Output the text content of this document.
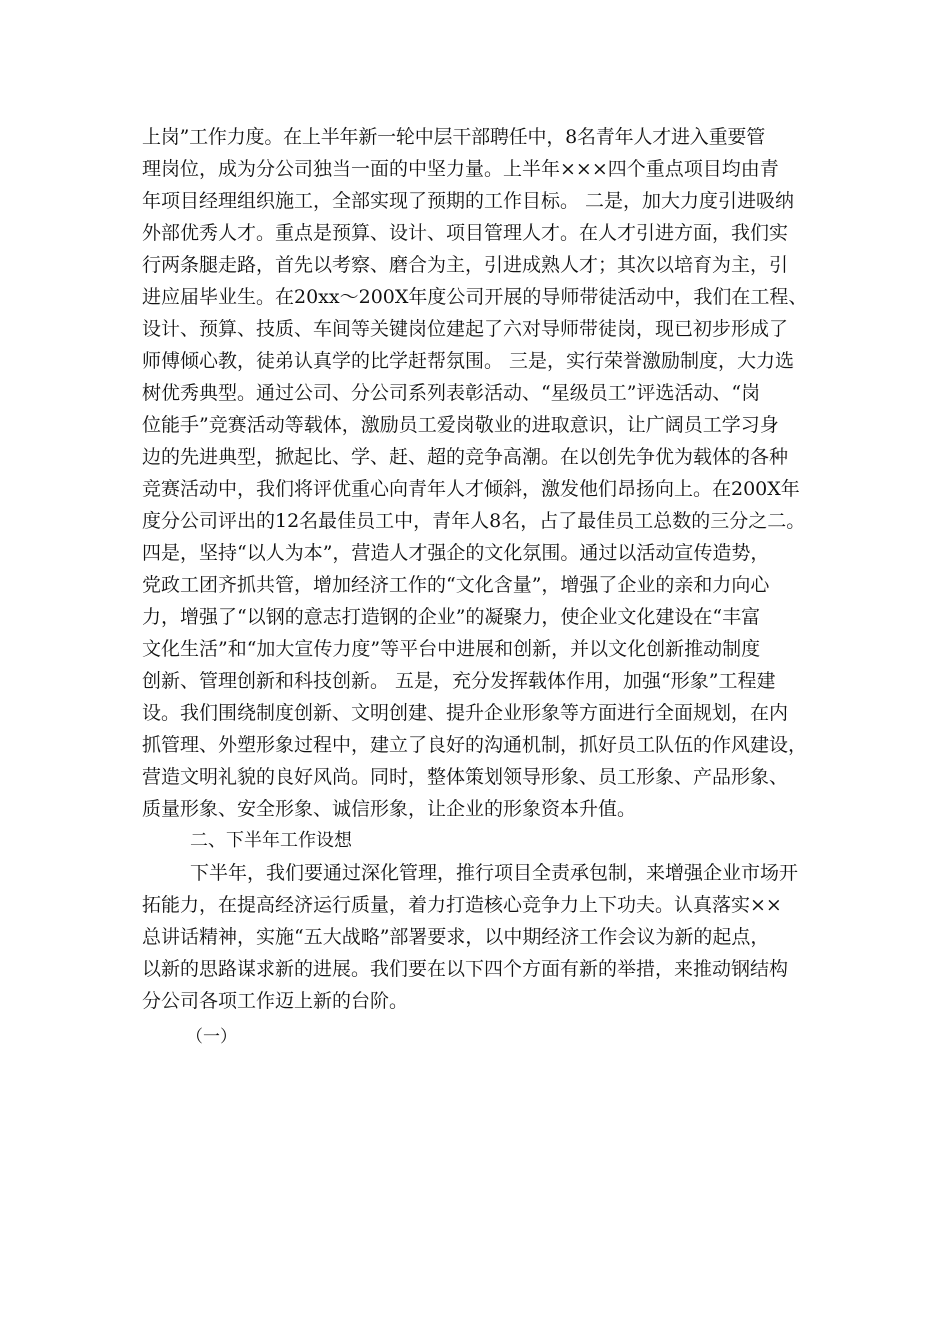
上岗”工作力度。在上半年新一轮中层干部聘任中，8名青年人才进入重要管
理岗位，成为分公司独当一面的中坚力量。上半年×××四个重点项目均由青
年项目经理组织施工，全部实现了预期的工作目标。 二是，加大力度引进吸纳
外部优秀人才。重点是预算、设计、项目管理人才。在人才引进方面，我们实
行两条腿走路，首先以考察、磨合为主，引进成熟人才；其次以培育为主，引
进应届毕业生。在20xx～200X年度公司开展的导师带徒活动中，我们在工程、
设计、预算、技质、车间等关键岗位建起了六对导师带徒岗，现已初步形成了
师傅倾心教，徒弟认真学的比学赶帮氛围。 三是，实行荣誉激励制度，大力选
树优秀典型。通过公司、分公司系列表彰活动、“星级员工”评选活动、“岗
位能手”竞赛活动等载体，激励员工爱岗敬业的进取意识，让广阔员工学习身
边的先进典型，掀起比、学、赶、超的竞争高潮。在以创先争优为载体的各种
竞赛活动中，我们将评优重心向青年人才倾斜，激发他们昂扬向上。在200X年
度分公司评出的12名最佳员工中，青年人8名，占了最佳员工总数的三分之二。
四是，坚持“以人为本”，营造人才强企的文化氛围。通过以活动宣传造势，
党政工团齐抓共管，增加经济工作的“文化含量”，增强了企业的亲和力向心
力，增强了“以钢的意志打造钢的企业”的凝聚力，使企业文化建设在“丰富
文化生活”和“加大宣传力度”等平台中进展和创新，并以文化创新推动制度
创新、管理创新和科技创新。 五是，充分发挥载体作用，加强“形象”工程建
设。我们围绕制度创新、文明创建、提升企业形象等方面进行全面规划，在内
抓管理、外塑形象过程中，建立了良好的沟通机制，抓好员工队伍的作风建设，
营造文明礼貌的良好风尚。同时，整体策划领导形象、员工形象、产品形象、
质量形象、安全形象、诚信形象，让企业的形象资本升值。
二、下半年工作设想
下半年，我们要通过深化管理，推行项目全责承包制，来增强企业市场开
拓能力，在提高经济运行质量，着力打造核心竞争力上下功夫。认真落实××
总讲话精神，实施“五大战略”部署要求，以中期经济工作会议为新的起点，
以新的思路谋求新的进展。我们要在以下四个方面有新的举措，来推动钢结构
分公司各项工作迈上新的台阶。
（一）
